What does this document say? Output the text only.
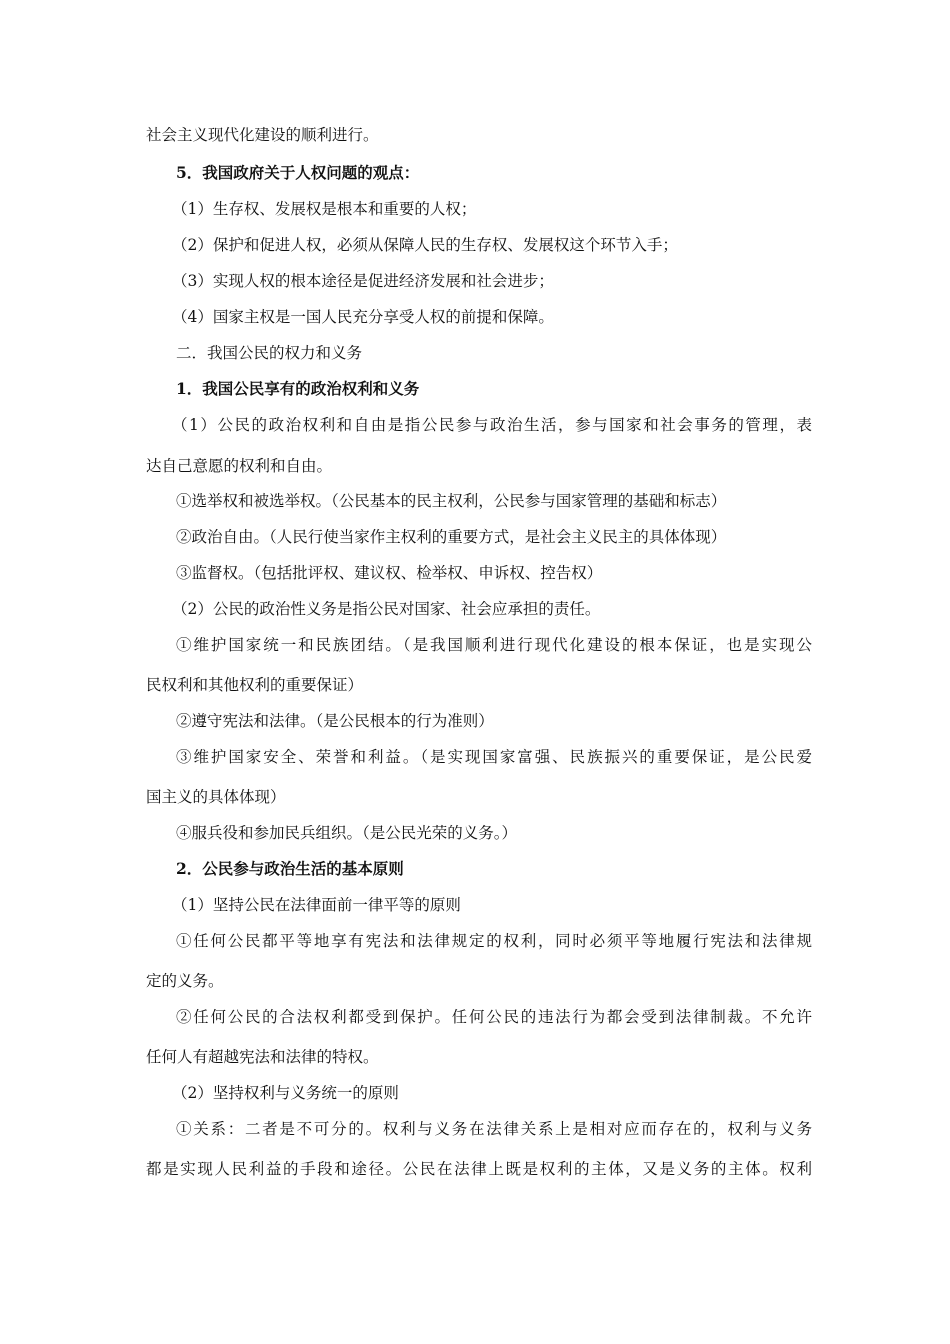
社会主义现代化建设的顺利进行。
5．我国政府关于人权问题的观点：
（1）生存权、发展权是根本和重要的人权；
（2）保护和促进人权，必须从保障人民的生存权、发展权这个环节入手；
（3）实现人权的根本途径是促进经济发展和社会进步；
（4）国家主权是一国人民充分享受人权的前提和保障。
二．我国公民的权力和义务
1．我国公民享有的政治权利和义务
（1）公民的政治权利和自由是指公民参与政治生活，参与国家和社会事务的管理，表
达自己意愿的权利和自由。
①选举权和被选举权。（公民基本的民主权利，公民参与国家管理的基础和标志）
②政治自由。（人民行使当家作主权利的重要方式，是社会主义民主的具体体现）
③监督权。（包括批评权、建议权、检举权、申诉权、控告权）
（2）公民的政治性义务是指公民对国家、社会应承担的责任。
①维护国家统一和民族团结。（是我国顺利进行现代化建设的根本保证，也是实现公
民权利和其他权利的重要保证）
②遵守宪法和法律。（是公民根本的行为准则）
③维护国家安全、荣誉和利益。（是实现国家富强、民族振兴的重要保证，是公民爱
国主义的具体体现）
④服兵役和参加民兵组织。（是公民光荣的义务。）
2．公民参与政治生活的基本原则
（1）坚持公民在法律面前一律平等的原则
①任何公民都平等地享有宪法和法律规定的权利，同时必须平等地履行宪法和法律规
定的义务。
②任何公民的合法权利都受到保护。任何公民的违法行为都会受到法律制裁。不允许
任何人有超越宪法和法律的特权。
（2）坚持权利与义务统一的原则
①关系：二者是不可分的。权利与义务在法律关系上是相对应而存在的，权利与义务
都是实现人民利益的手段和途径。公民在法律上既是权利的主体，又是义务的主体。权利
